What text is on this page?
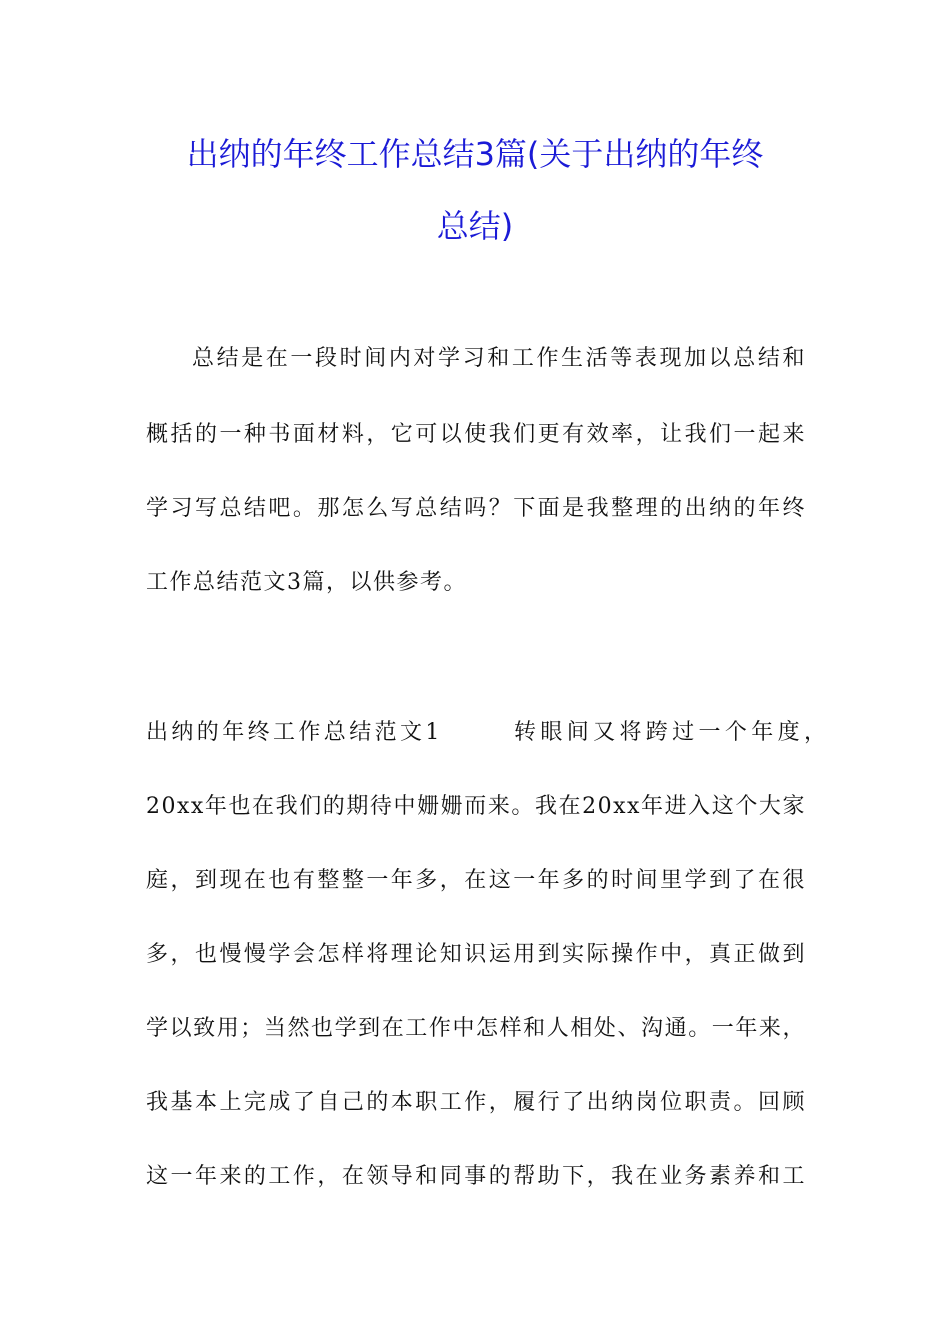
出纳的年终工作总结3篇(关于出纳的年终
总结)
总结是在一段时间内对学习和工作生活等表现加以总结和
概括的一种书面材料，它可以使我们更有效率，让我们一起来
学习写总结吧。那怎么写总结吗？下面是我整理的出纳的年终
工作总结范文3篇，以供参考。
出纳的年终工作总结范文1	转眼间又将跨过一个年度，
20xx年也在我们的期待中姗姗而来。我在20xx年进入这个大家
庭，到现在也有整整一年多，在这一年多的时间里学到了在很
多，也慢慢学会怎样将理论知识运用到实际操作中，真正做到
学以致用；当然也学到在工作中怎样和人相处、沟通。一年来，
我基本上完成了自己的本职工作，履行了出纳岗位职责。回顾
这一年来的工作，在领导和同事的帮助下，我在业务素养和工
